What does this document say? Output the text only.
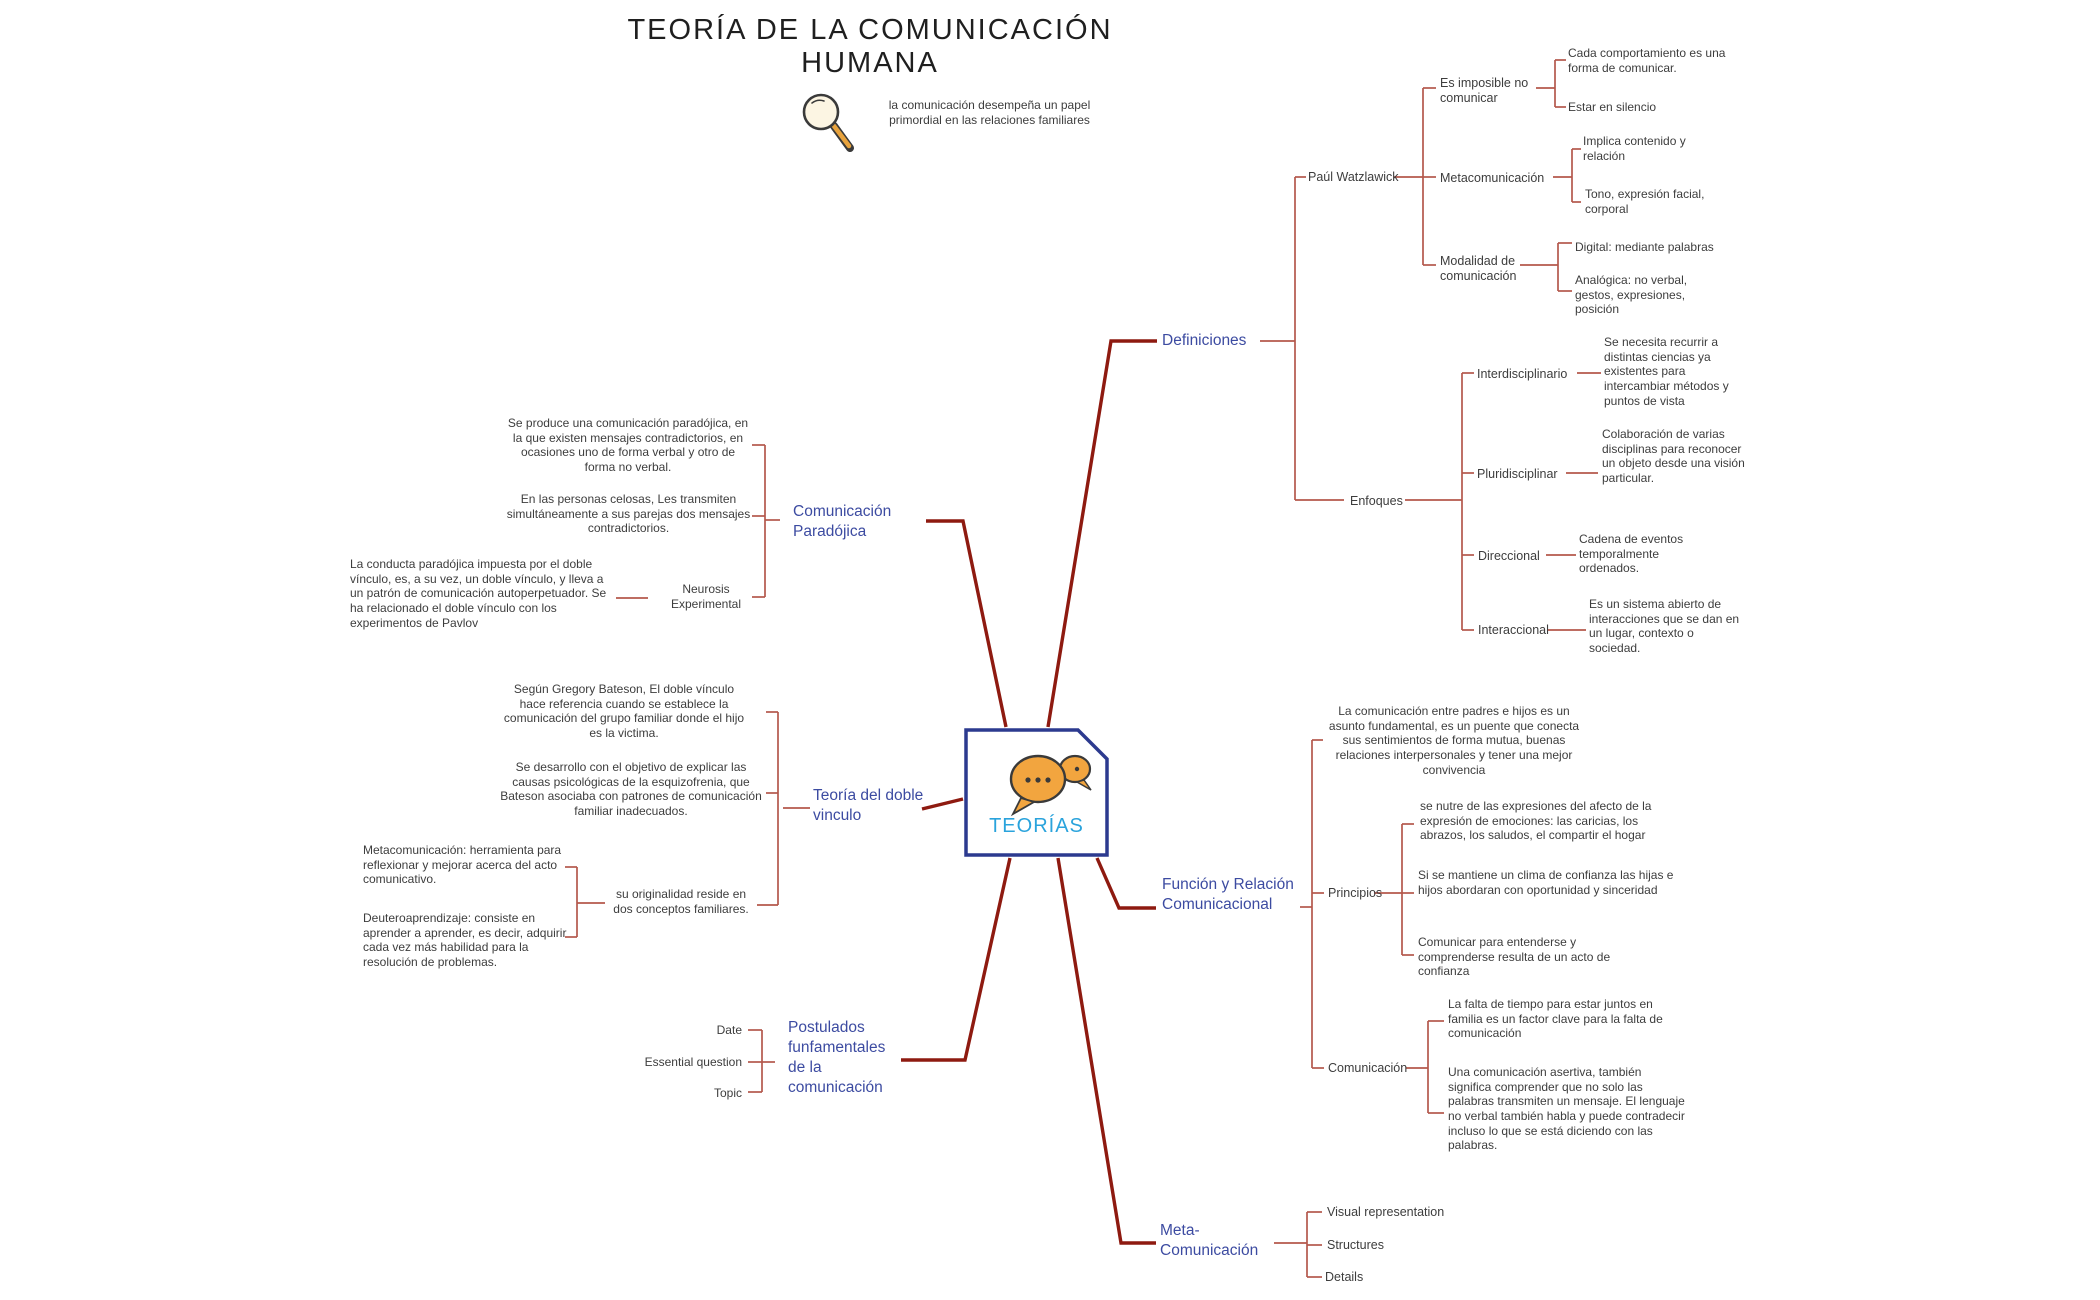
TEORÍA DE LA COMUNICACIÓN HUMANA
la comunicación desempeña un papel primordial en las relaciones familiares
TEORÍAS
Definiciones
Paúl Watzlawick
Es imposible no comunicar
Cada comportamiento es una forma de comunicar.
Estar en silencio
Metacomunicación
Implica contenido y relación
Tono, expresión facial, corporal
Modalidad de comunicación
Digital: mediante palabras
Analógica: no verbal, gestos, expresiones, posición
Enfoques
Interdisciplinario
Se necesita recurrir a distintas ciencias ya existentes para intercambiar métodos y puntos de vista
Pluridisciplinar
Colaboración de varias disciplinas para reconocer un objeto desde una visión particular.
Direccional
Cadena de eventos temporalmente ordenados.
Interaccional
Es un sistema abierto de interacciones que se dan en un lugar, contexto o sociedad.
Comunicación Paradójica
Se produce una comunicación paradójica, en la que existen mensajes contradictorios, en ocasiones uno de forma verbal y otro de forma no verbal.
En las personas celosas, Les transmiten simultáneamente a sus parejas dos mensajes contradictorios.
La conducta paradójica impuesta por el doble vínculo, es, a su vez, un doble vínculo, y lleva a un patrón de comunicación autoperpetuador. Se ha relacionado el doble vínculo con los experimentos de Pavlov
Neurosis Experimental
Teoría del doble vinculo
Según Gregory Bateson, El doble vínculo hace referencia cuando se establece la comunicación del grupo familiar donde el hijo es la victima.
Se desarrollo con el objetivo de explicar las causas psicológicas de la esquizofrenia, que Bateson asociaba con patrones de comunicación familiar inadecuados.
su originalidad reside en dos conceptos familiares.
Metacomunicación: herramienta para reflexionar y mejorar acerca del acto comunicativo.
Deuteroaprendizaje: consiste en aprender a aprender, es decir, adquirir cada vez más habilidad para la resolución de problemas.
Postulados funfamentales de la comunicación
Date
Essential question
Topic
Función y Relación Comunicacional
La comunicación entre padres e hijos es un asunto fundamental, es un puente que conecta sus sentimientos de forma mutua, buenas relaciones interpersonales y tener una mejor convivencia
Principios
se nutre de las expresiones del afecto de la expresión de emociones: las caricias, los abrazos, los saludos, el compartir el hogar
Si se mantiene un clima de confianza las hijas e hijos abordaran con oportunidad y sinceridad
Comunicar para entenderse y comprenderse resulta de un acto de confianza
Comunicación
La falta de tiempo para estar juntos en familia es un factor clave para la falta de comunicación
Una comunicación asertiva, también significa comprender que no solo las palabras transmiten un mensaje. El lenguaje no verbal también habla y puede contradecir incluso lo que se está diciendo con las palabras.
Meta-Comunicación
Visual representation
Structures
Details
